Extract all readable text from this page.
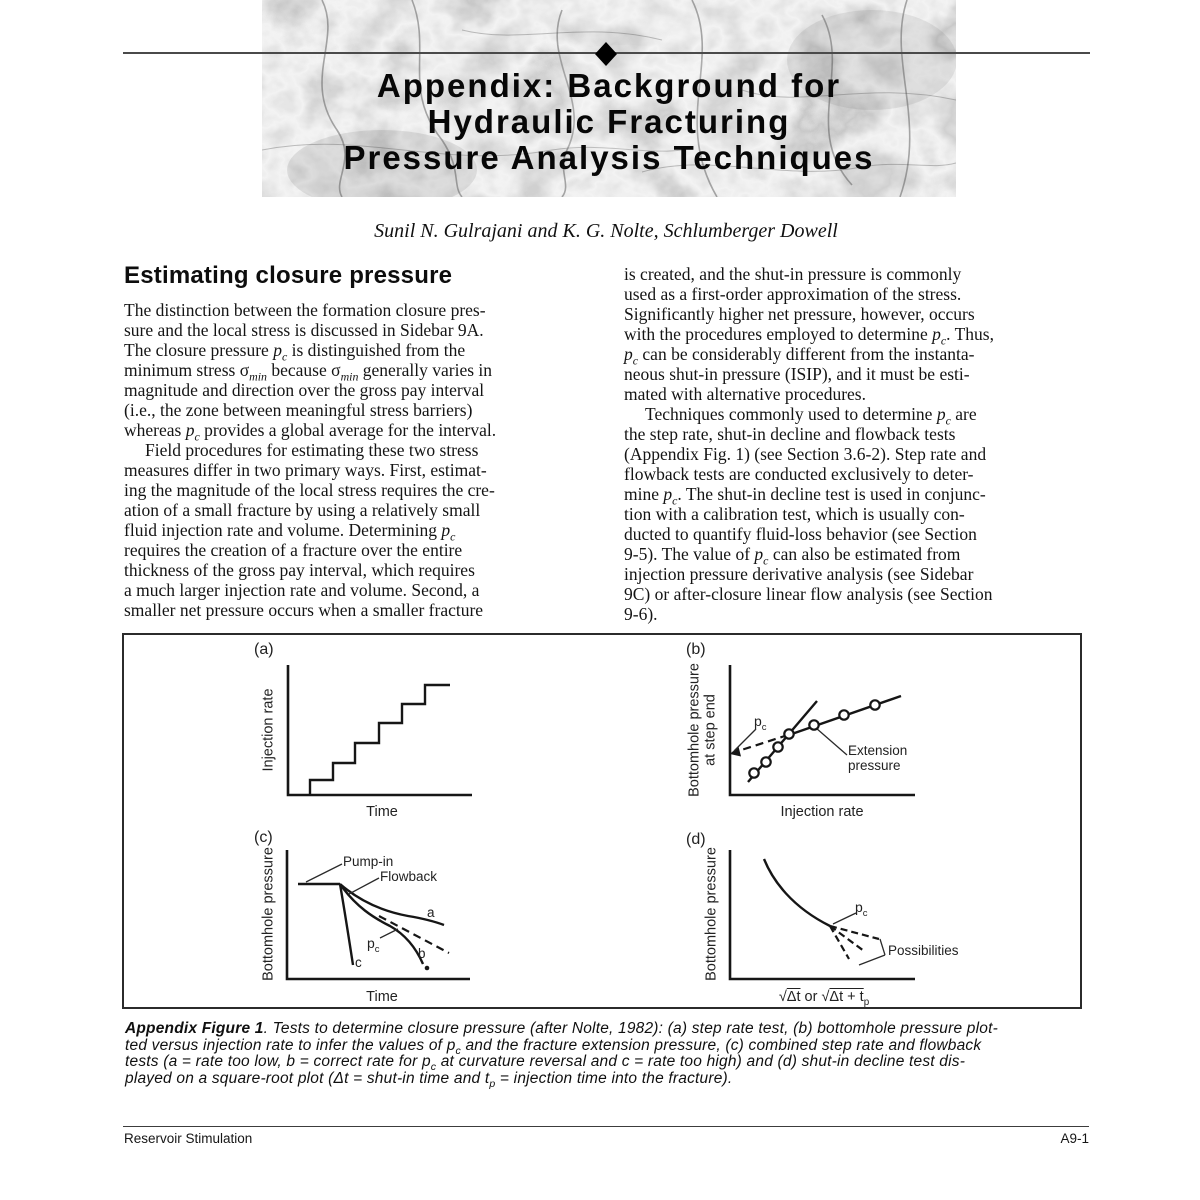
Appendix: Background for
Hydraulic Fracturing
Pressure Analysis Techniques
Sunil N. Gulrajani and K. G. Nolte, Schlumberger Dowell
Estimating closure pressure

The distinction between the formation closure pres-
sure and the local stress is discussed in Sidebar 9A.
The closure pressure $p_c$ is distinguished from the
minimum stress $\sigma_{min}$ because $\sigma_{min}$ generally varies in
magnitude and direction over the gross pay interval
(i.e., the zone between meaningful stress barriers)
whereas $p_c$ provides a global average for the interval.

Field procedures for estimating these two stress
measures differ in two primary ways. First, estimat-
ing the magnitude of the local stress requires the cre-
ation of a small fracture by using a relatively small
fluid injection rate and volume. Determining $p_c$
requires the creation of a fracture over the entire
thickness of the gross pay interval, which requires
a much larger injection rate and volume. Second, a
smaller net pressure occurs when a smaller fracture

is created, and the shut-in pressure is commonly
used as a first-order approximation of the stress.
Significantly higher net pressure, however, occurs
with the procedures employed to determine $p_c$. Thus,
$p_c$ can be considerably different from the instanta-
neous shut-in pressure (ISIP), and it must be esti-
mated with alternative procedures.

Techniques commonly used to determine $p_c$ are
the step rate, shut-in decline and flowback tests
(Appendix Fig. 1) (see Section 3.6-2). Step rate and
flowback tests are conducted exclusively to deter-
mine $p_c$. The shut-in decline test is used in conjunc-
tion with a calibration test, which is usually con-
ducted to quantify fluid-loss behavior (see Section
9-5). The value of $p_c$ can also be estimated from
injection pressure derivative analysis (see Sidebar
9C) or after-closure linear flow analysis (see Section
9-6).

(a)
Injection rate
Time
(b)
$p_c$
Extension
pressure
Bottomhole pressure
at step end
Injection rate
(c)
Pump-in
Flowback
a
b
c
$p_c$
Bottomhole pressure
Time
(d)
$p_c$
Possibilities
Bottomhole pressure
√Δt or $√\Delta t + t_p$
Appendix Figure 1. Tests to determine closure pressure (after Nolte, 1982): (a) step rate test, (b) bottomhole pressure plot-
ted versus injection rate to infer the values of $p_c$ and the fracture extension pressure, (c) combined step rate and flowback
tests (a = rate too low, b = correct rate for $p_c$ at curvature reversal and c = rate too high) and (d) shut-in decline test dis-
played on a square-root plot (Δt = shut-in time and $t_p$ = injection time into the fracture).
Reservoir Stimulation	A9-1
